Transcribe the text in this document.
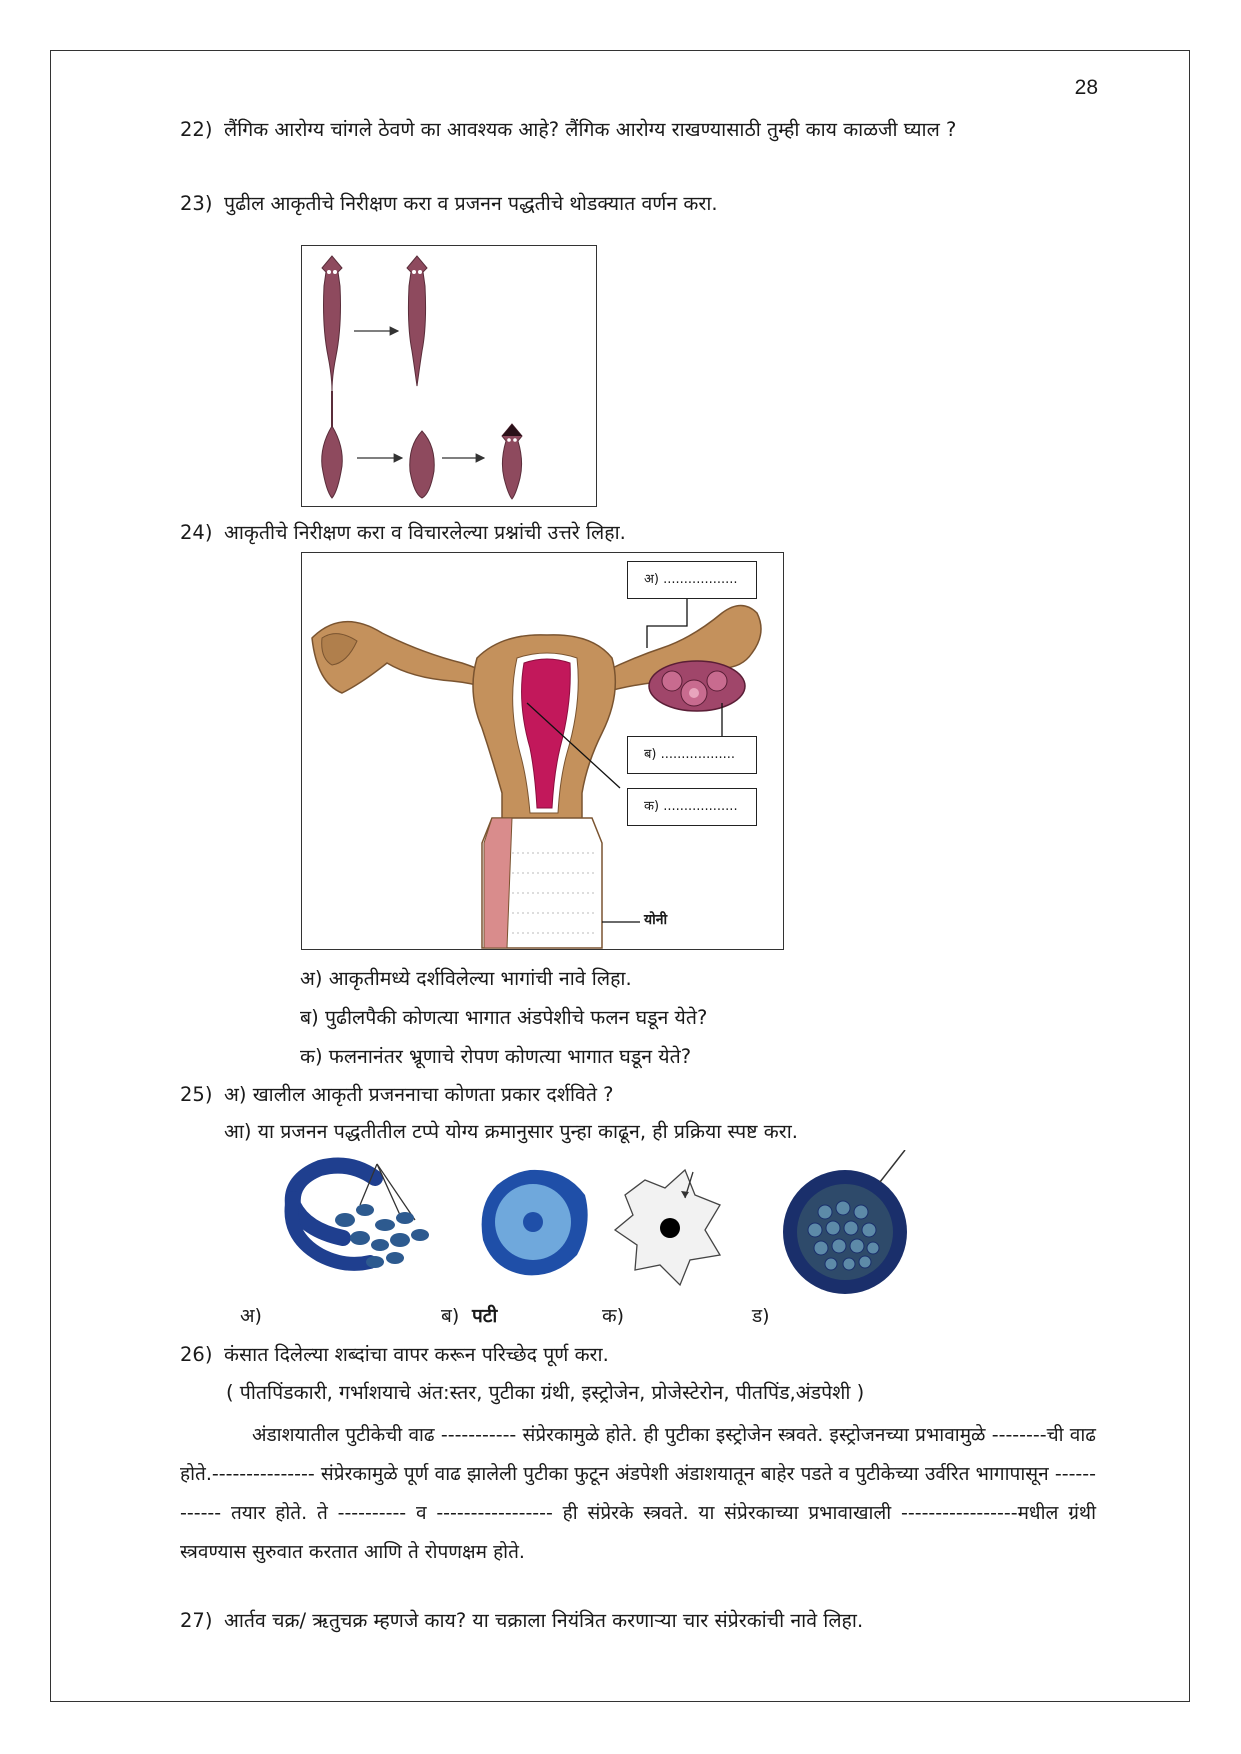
28
22) लैंगिक आरोग्य चांगले ठेवणे का आवश्यक आहे? लैंगिक आरोग्य राखण्यासाठी तुम्ही काय काळजी घ्याल ?
23) पुढील आकृतीचे निरीक्षण करा व प्रजनन पद्धतीचे थोडक्यात वर्णन करा.
24) आकृतीचे निरीक्षण करा व विचारलेल्या प्रश्नांची उत्तरे लिहा.
अ) ..................
ब) ..................
क) ..................
योनी
अ) आकृतीमध्ये दर्शविलेल्या भागांची नावे लिहा.
ब) पुढीलपैकी कोणत्या भागात अंडपेशीचे फलन घडून येते?
क) फलनानंतर भ्रूणाचे रोपण कोणत्या भागात घडून येते?
25) अ) खालील आकृती प्रजननाचा कोणता प्रकार दर्शविते ?
आ) या प्रजनन पद्धतीतील टप्पे योग्य क्रमानुसार पुन्हा काढून, ही प्रक्रिया स्पष्ट करा.
अ)	ब) पटी	क)	ड)
26) कंसात दिलेल्या शब्दांचा वापर करून परिच्छेद पूर्ण करा.
( पीतपिंडकारी, गर्भाशयाचे अंत:स्तर, पुटीका ग्रंथी, इस्ट्रोजेन, प्रोजेस्टेरोन, पीतपिंड,अंडपेशी )

अंडाशयातील पुटीकेची वाढ ----------- संप्रेरकामुळे होते. ही पुटीका इस्ट्रोजेन स्त्रवते. इस्ट्रोजनच्या प्रभावामुळे --------ची वाढ होते.--------------- संप्रेरकामुळे पूर्ण वाढ झालेली पुटीका फुटून अंडपेशी अंडाशयातून बाहेर पडते व पुटीकेच्या उर्वरित भागापासून ------------ तयार होते. ते ---------- व ----------------- ही संप्रेरके स्त्रवते. या संप्रेरकाच्या प्रभावाखाली -----------------मधील ग्रंथी स्त्रवण्यास सुरुवात करतात आणि ते रोपणक्षम होते.

27) आर्तव चक्र/ ऋतुचक्र म्हणजे काय? या चक्राला नियंत्रित करणाऱ्या चार संप्रेरकांची नावे लिहा.
